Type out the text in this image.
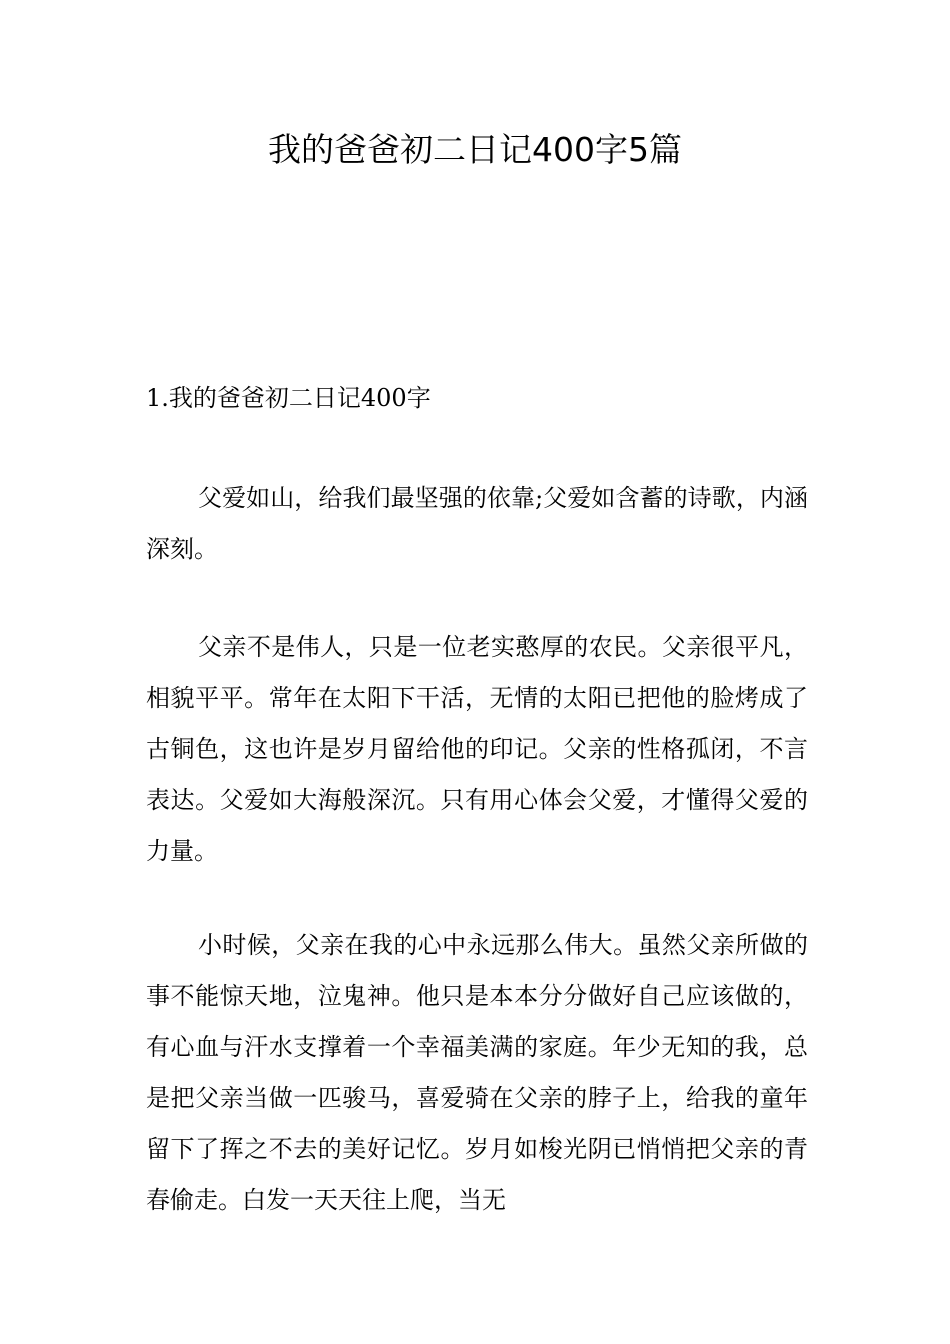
我的爸爸初二日记400字5篇
1.我的爸爸初二日记400字

父爱如山，给我们最坚强的依靠;父爱如含蓄的诗歌，内涵深刻。

父亲不是伟人，只是一位老实憨厚的农民。父亲很平凡，相貌平平。常年在太阳下干活，无情的太阳已把他的脸烤成了古铜色，这也许是岁月留给他的印记。父亲的性格孤闭，不言表达。父爱如大海般深沉。只有用心体会父爱，才懂得父爱的力量。

小时候，父亲在我的心中永远那么伟大。虽然父亲所做的事不能惊天地，泣鬼神。他只是本本分分做好自己应该做的，有心血与汗水支撑着一个幸福美满的家庭。年少无知的我，总是把父亲当做一匹骏马，喜爱骑在父亲的脖子上，给我的童年留下了挥之不去的美好记忆。岁月如梭光阴已悄悄把父亲的青春偷走。白发一天天往上爬，当无
